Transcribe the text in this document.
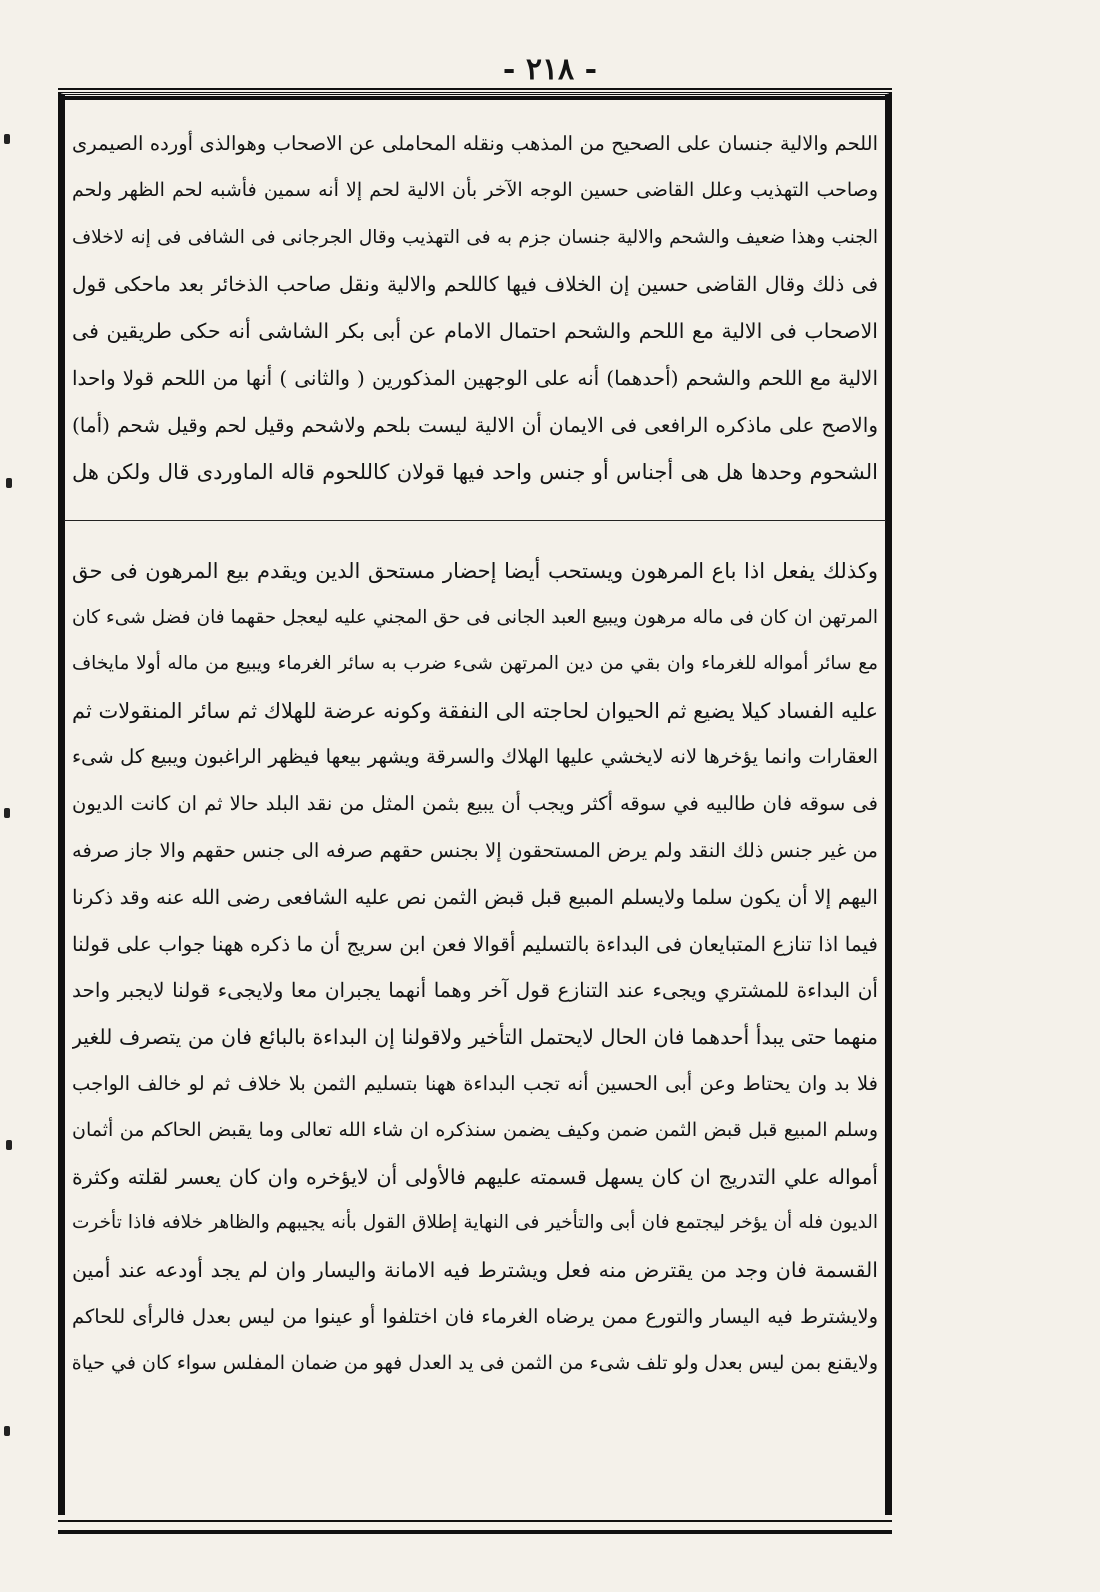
- ٢١٨ -
اللحم والالية جنسان على الصحيح من المذهب ونقله المحاملى عن الاصحاب وهوالذى أورده الصيمرى
وصاحب التهذيب وعلل القاضى حسين الوجه الآخر بأن الالية لحم إلا أنه سمين فأشبه لحم الظهر ولحم
الجنب وهذا ضعيف والشحم والالية جنسان جزم به فى التهذيب وقال الجرجانى فى الشافى فى إنه لاخلاف
فى ذلك وقال القاضى حسين إن الخلاف فيها كاللحم والالية ونقل صاحب الذخائر بعد ماحكى قول
الاصحاب فى الالية مع اللحم والشحم احتمال الامام عن أبى بكر الشاشى أنه حكى طريقين فى
الالية مع اللحم والشحم (أحدهما) أنه على الوجهين المذكورين ( والثانى ) أنها من اللحم قولا واحدا
والاصح على ماذكره الرافعى فى الايمان أن الالية ليست بلحم ولاشحم وقيل لحم وقيل شحم (أما)
الشحوم وحدها هل هى أجناس أو جنس واحد فيها قولان كاللحوم قاله الماوردى قال ولكن هل
وكذلك يفعل اذا باع المرهون ويستحب أيضا إحضار مستحق الدين ويقدم بيع المرهون فى حق
المرتهن ان كان فى ماله مرهون ويبيع العبد الجانى فى حق المجني عليه ليعجل حقهما فان فضل شىء كان
مع سائر أمواله للغرماء وان بقي من دين المرتهن شىء ضرب به سائر الغرماء ويبيع من ماله أولا مايخاف
عليه الفساد كيلا يضيع ثم الحيوان لحاجته الى النفقة وكونه عرضة للهلاك ثم سائر المنقولات ثم
العقارات وانما يؤخرها لانه لايخشي عليها الهلاك والسرقة ويشهر بيعها فيظهر الراغبون ويبيع كل شىء
فى سوقه فان طالبيه في سوقه أكثر ويجب أن يبيع بثمن المثل من نقد البلد حالا ثم ان كانت الديون
من غير جنس ذلك النقد ولم يرض المستحقون إلا بجنس حقهم صرفه الى جنس حقهم والا جاز صرفه
اليهم إلا أن يكون سلما ولايسلم المبيع قبل قبض الثمن نص عليه الشافعى رضى الله عنه وقد ذكرنا
فيما اذا تنازع المتبايعان فى البداءة بالتسليم أقوالا فعن ابن سريج أن ما ذكره ههنا جواب على قولنا
أن البداءة للمشتري ويجىء عند التنازع قول آخر وهما أنهما يجبران معا ولايجىء قولنا لايجبر واحد
منهما حتى يبدأ أحدهما فان الحال لايحتمل التأخير ولاقولنا إن البداءة بالبائع فان من يتصرف للغير
فلا بد وان يحتاط وعن أبى الحسين أنه تجب البداءة ههنا بتسليم الثمن بلا خلاف ثم لو خالف الواجب
وسلم المبيع قبل قبض الثمن ضمن وكيف يضمن سنذكره ان شاء الله تعالى وما يقبض الحاكم من أثمان
أمواله علي التدريج ان كان يسهل قسمته عليهم فالأولى أن لايؤخره وان كان يعسر لقلته وكثرة
الديون فله أن يؤخر ليجتمع فان أبى والتأخير فى النهاية إطلاق القول بأنه يجيبهم والظاهر خلافه فاذا تأخرت
القسمة فان وجد من يقترض منه فعل ويشترط فيه الامانة واليسار وان لم يجد أودعه عند أمين
ولايشترط فيه اليسار والتورع ممن يرضاه الغرماء فان اختلفوا أو عينوا من ليس بعدل فالرأى للحاكم
ولايقنع بمن ليس بعدل ولو تلف شىء من الثمن فى يد العدل فهو من ضمان المفلس سواء كان في حياة
